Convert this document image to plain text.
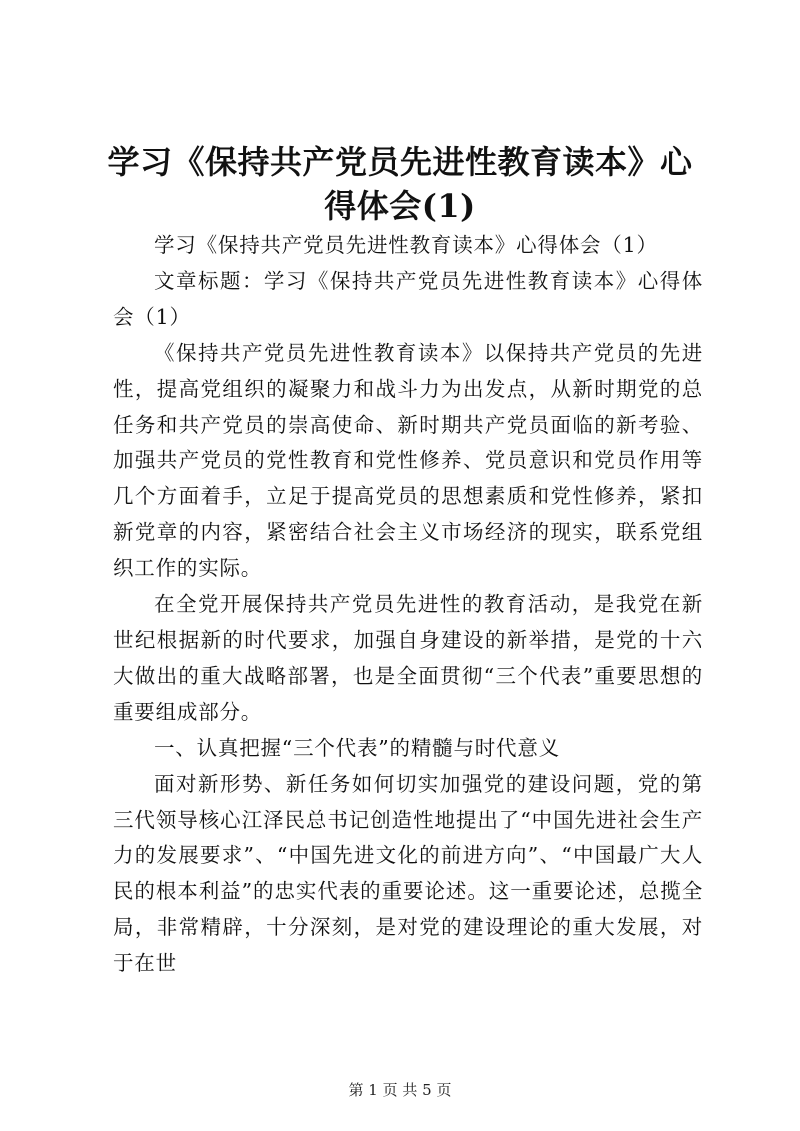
学习《保持共产党员先进性教育读本》心得体会(1)

学习《保持共产党员先进性教育读本》心得体会（1）

文章标题：学习《保持共产党员先进性教育读本》心得体会（1）

《保持共产党员先进性教育读本》以保持共产党员的先进性，提高党组织的凝聚力和战斗力为出发点，从新时期党的总任务和共产党员的崇高使命、新时期共产党员面临的新考验、加强共产党员的党性教育和党性修养、党员意识和党员作用等几个方面着手，立足于提高党员的思想素质和党性修养，紧扣新党章的内容，紧密结合社会主义市场经济的现实，联系党组织工作的实际。

在全党开展保持共产党员先进性的教育活动，是我党在新世纪根据新的时代要求，加强自身建设的新举措，是党的十六大做出的重大战略部署，也是全面贯彻“三个代表”重要思想的重要组成部分。

一、认真把握“三个代表”的精髓与时代意义

面对新形势、新任务如何切实加强党的建设问题，党的第三代领导核心江泽民总书记创造性地提出了“中国先进社会生产力的发展要求”、“中国先进文化的前进方向”、“中国最广大人民的根本利益”的忠实代表的重要论述。这一重要论述，总揽全局，非常精辟，十分深刻，是对党的建设理论的重大发展，对于在世

第 1 页 共 5 页
